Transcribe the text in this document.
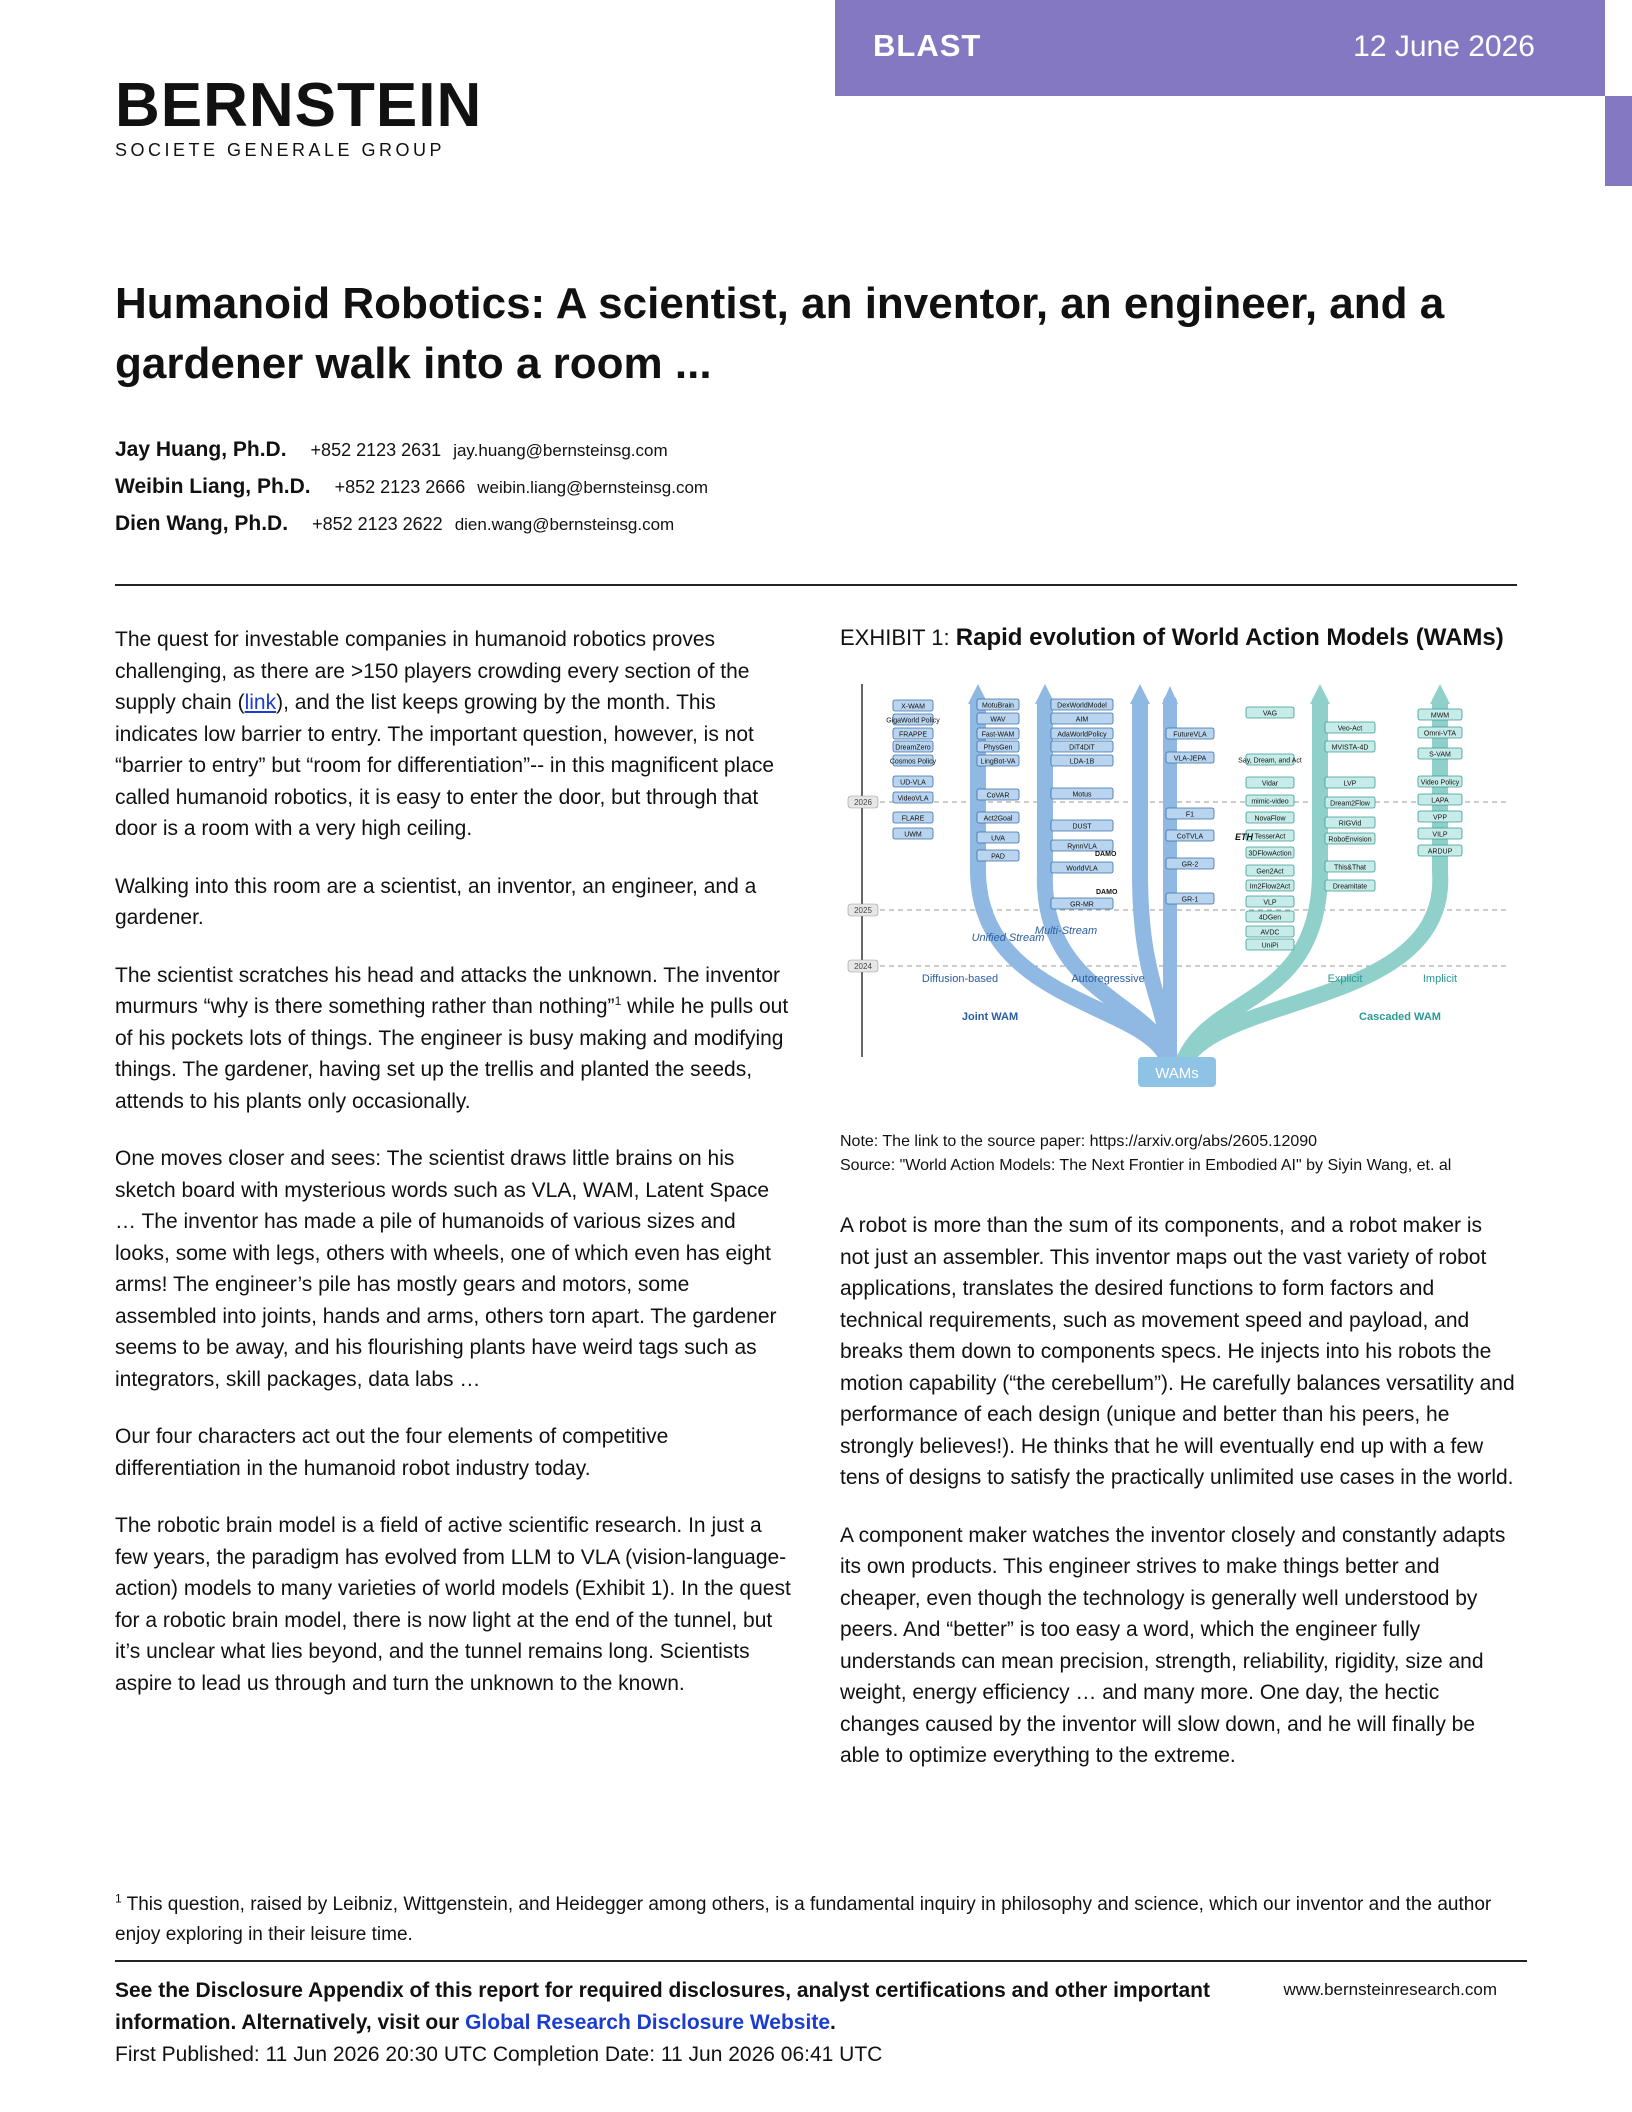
BLAST	12 June 2026
BERNSTEIN
SOCIETE GENERALE GROUP
Humanoid Robotics: A scientist, an inventor, an engineer, and a gardener walk into a room ...
Jay Huang, Ph.D. +852 2123 2631 jay.huang@bernsteinsg.com
Weibin Liang, Ph.D. +852 2123 2666 weibin.liang@bernsteinsg.com
Dien Wang, Ph.D. +852 2123 2622 dien.wang@bernsteinsg.com

The quest for investable companies in humanoid robotics proves challenging, as there are >150 players crowding every section of the supply chain (link), and the list keeps growing by the month. This indicates low barrier to entry. The important question, however, is not “barrier to entry” but “room for differentiation”-- in this magnificent place called humanoid robotics, it is easy to enter the door, but through that door is a room with a very high ceiling.

Walking into this room are a scientist, an inventor, an engineer, and a gardener.

The scientist scratches his head and attacks the unknown. The inventor murmurs “why is there something rather than nothing”$^1$ while he pulls out of his pockets lots of things. The engineer is busy making and modifying things. The gardener, having set up the trellis and planted the seeds, attends to his plants only occasionally.

One moves closer and sees: The scientist draws little brains on his sketch board with mysterious words such as VLA, WAM, Latent Space … The inventor has made a pile of humanoids of various sizes and looks, some with legs, others with wheels, one of which even has eight arms! The engineer’s pile has mostly gears and motors, some assembled into joints, hands and arms, others torn apart. The gardener seems to be away, and his flourishing plants have weird tags such as integrators, skill packages, data labs …

Our four characters act out the four elements of competitive differentiation in the humanoid robot industry today.

The robotic brain model is a field of active scientific research. In just a few years, the paradigm has evolved from LLM to VLA (vision-language-action) models to many varieties of world models (Exhibit 1). In the quest for a robotic brain model, there is now light at the end of the tunnel, but it’s unclear what lies beyond, and the tunnel remains long. Scientists aspire to lead us through and turn the unknown to the known.

EXHIBIT 1: Rapid evolution of World Action Models (WAMs)
2026
2025
2024
X-WAM
GigaWorld Policy
FRAPPE
DreamZero
Cosmos Policy
UD-VLA
VideoVLA
FLARE
UWM
MotuBrain
WAV
Fast-WAM
PhysGen
LingBot-VA
CoVAR
Act2Goal
UVA
PAD
DexWorldModel
AIM
AdaWorldPolicy
DiT4DiT
LDA-1B
Motus
DUST
RynnVLA
WorldVLA
GR-MR
FutureVLA
VLA-JEPA
F1
CoTVLA
GR-2
GR-1
VAG
Say, Dream, and Act
Vidar
mimic-video
NovaFlow
TesserAct
3DFlowAction
Gen2Act
Im2Flow2Act
VLP
4DGen
AVDC
UniPi
Veo-Act
MVISTA-4D
LVP
Dream2Flow
RIGVid
RoboEnvision
This&That
Dreamitate
MWM
Omni-VTA
S-VAM
Video Policy
LAPA
VPP
VILP
ARDUP
WAMs
Joint WAM	Cascaded WAM
Diffusion-based	Autoregressive	Explicit	Implicit
Unified Stream
Multi-Stream
DAMO
DAMO
ETH
Note: The link to the source paper: https://arxiv.org/abs/2605.12090
Source: "World Action Models: The Next Frontier in Embodied AI" by Siyin Wang, et. al

A robot is more than the sum of its components, and a robot maker is not just an assembler. This inventor maps out the vast variety of robot applications, translates the desired functions to form factors and technical requirements, such as movement speed and payload, and breaks them down to components specs. He injects into his robots the motion capability (“the cerebellum”). He carefully balances versatility and performance of each design (unique and better than his peers, he strongly believes!). He thinks that he will eventually end up with a few tens of designs to satisfy the practically unlimited use cases in the world.

A component maker watches the inventor closely and constantly adapts its own products. This engineer strives to make things better and cheaper, even though the technology is generally well understood by peers. And “better” is too easy a word, which the engineer fully understands can mean precision, strength, reliability, rigidity, size and weight, energy efficiency … and many more. One day, the hectic changes caused by the inventor will slow down, and he will finally be able to optimize everything to the extreme.

$^1$ This question, raised by Leibniz, Wittgenstein, and Heidegger among others, is a fundamental inquiry in philosophy and science, which our inventor and the author enjoy exploring in their leisure time.
See the Disclosure Appendix of this report for required disclosures, analyst certifications and other important information. Alternatively, visit our Global Research Disclosure Website.
First Published: 11 Jun 2026 20:30 UTC Completion Date: 11 Jun 2026 06:41 UTC
www.bernsteinresearch.com
